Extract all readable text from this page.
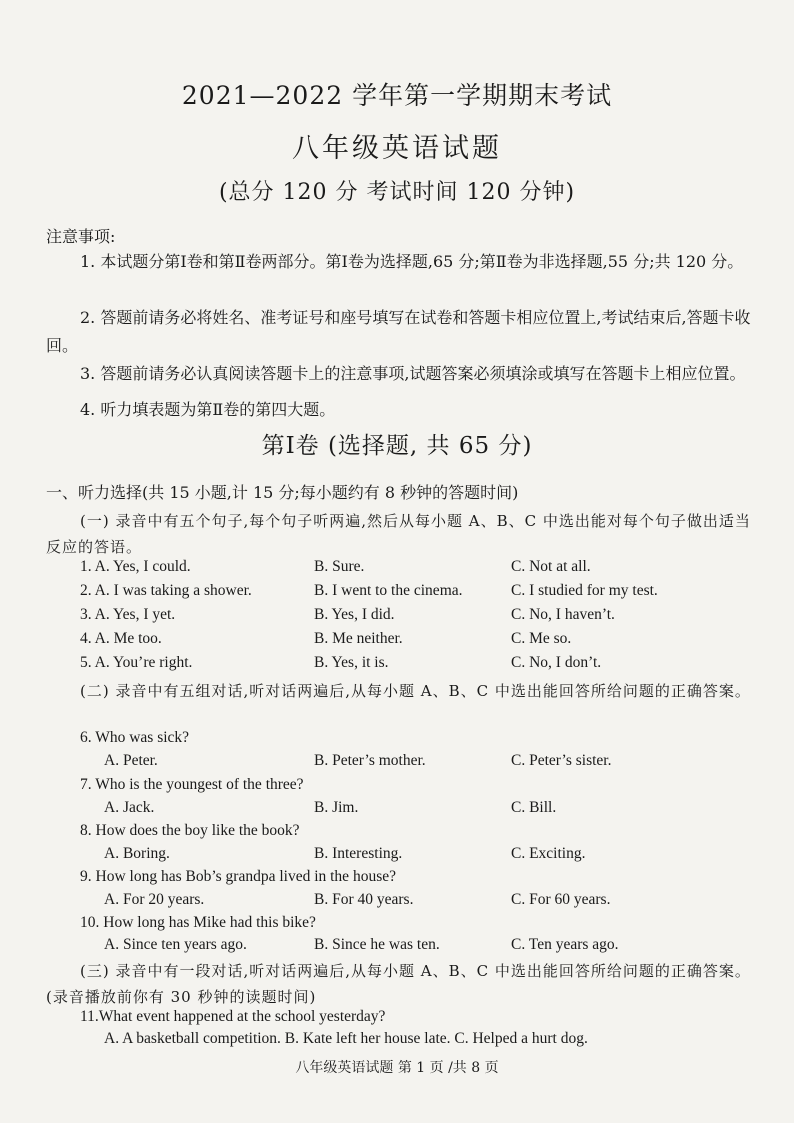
2021—2022 学年第一学期期末考试
八年级英语试题
(总分 120 分 考试时间 120 分钟)
注意事项:
1. 本试题分第Ⅰ卷和第Ⅱ卷两部分。第Ⅰ卷为选择题,65 分;第Ⅱ卷为非选择题,55 分;共 120 分。
2. 答题前请务必将姓名、准考证号和座号填写在试卷和答题卡相应位置上,考试结束后,答题卡收回。
3. 答题前请务必认真阅读答题卡上的注意事项,试题答案必须填涂或填写在答题卡上相应位置。
4. 听力填表题为第Ⅱ卷的第四大题。
第Ⅰ卷 (选择题, 共 65 分)
一、听力选择(共 15 小题,计 15 分;每小题约有 8 秒钟的答题时间)
(一) 录音中有五个句子,每个句子听两遍,然后从每小题 A、B、C 中选出能对每个句子做出适当反应的答语。
1. A. Yes, I could.	B. Sure.	C. Not at all.
2. A. I was taking a shower.	B. I went to the cinema.	C. I studied for my test.
3. A. Yes, I yet.	B. Yes, I did.	C. No, I haven’t.
4. A. Me too.	B. Me neither.	C. Me so.
5. A. You’re right.	B. Yes, it is.	C. No, I don’t.
(二) 录音中有五组对话,听对话两遍后,从每小题 A、B、C 中选出能回答所给问题的正确答案。
6. Who was sick?
A. Peter.	B. Peter’s mother.	C. Peter’s sister.
7. Who is the youngest of the three?
A. Jack.	B. Jim.	C. Bill.
8. How does the boy like the book?
A. Boring.	B. Interesting.	C. Exciting.
9. How long has Bob’s grandpa lived in the house?
A. For 20 years.	B. For 40 years.	C. For 60 years.
10. How long has Mike had this bike?
A. Since ten years ago.	B. Since he was ten.	C. Ten years ago.
(三) 录音中有一段对话,听对话两遍后,从每小题 A、B、C 中选出能回答所给问题的正确答案。(录音播放前你有 30 秒钟的读题时间)
11.What event happened at the school yesterday?
A. A basketball competition. B. Kate left her house late. C. Helped a hurt dog.
八年级英语试题 第 1 页 /共 8 页
